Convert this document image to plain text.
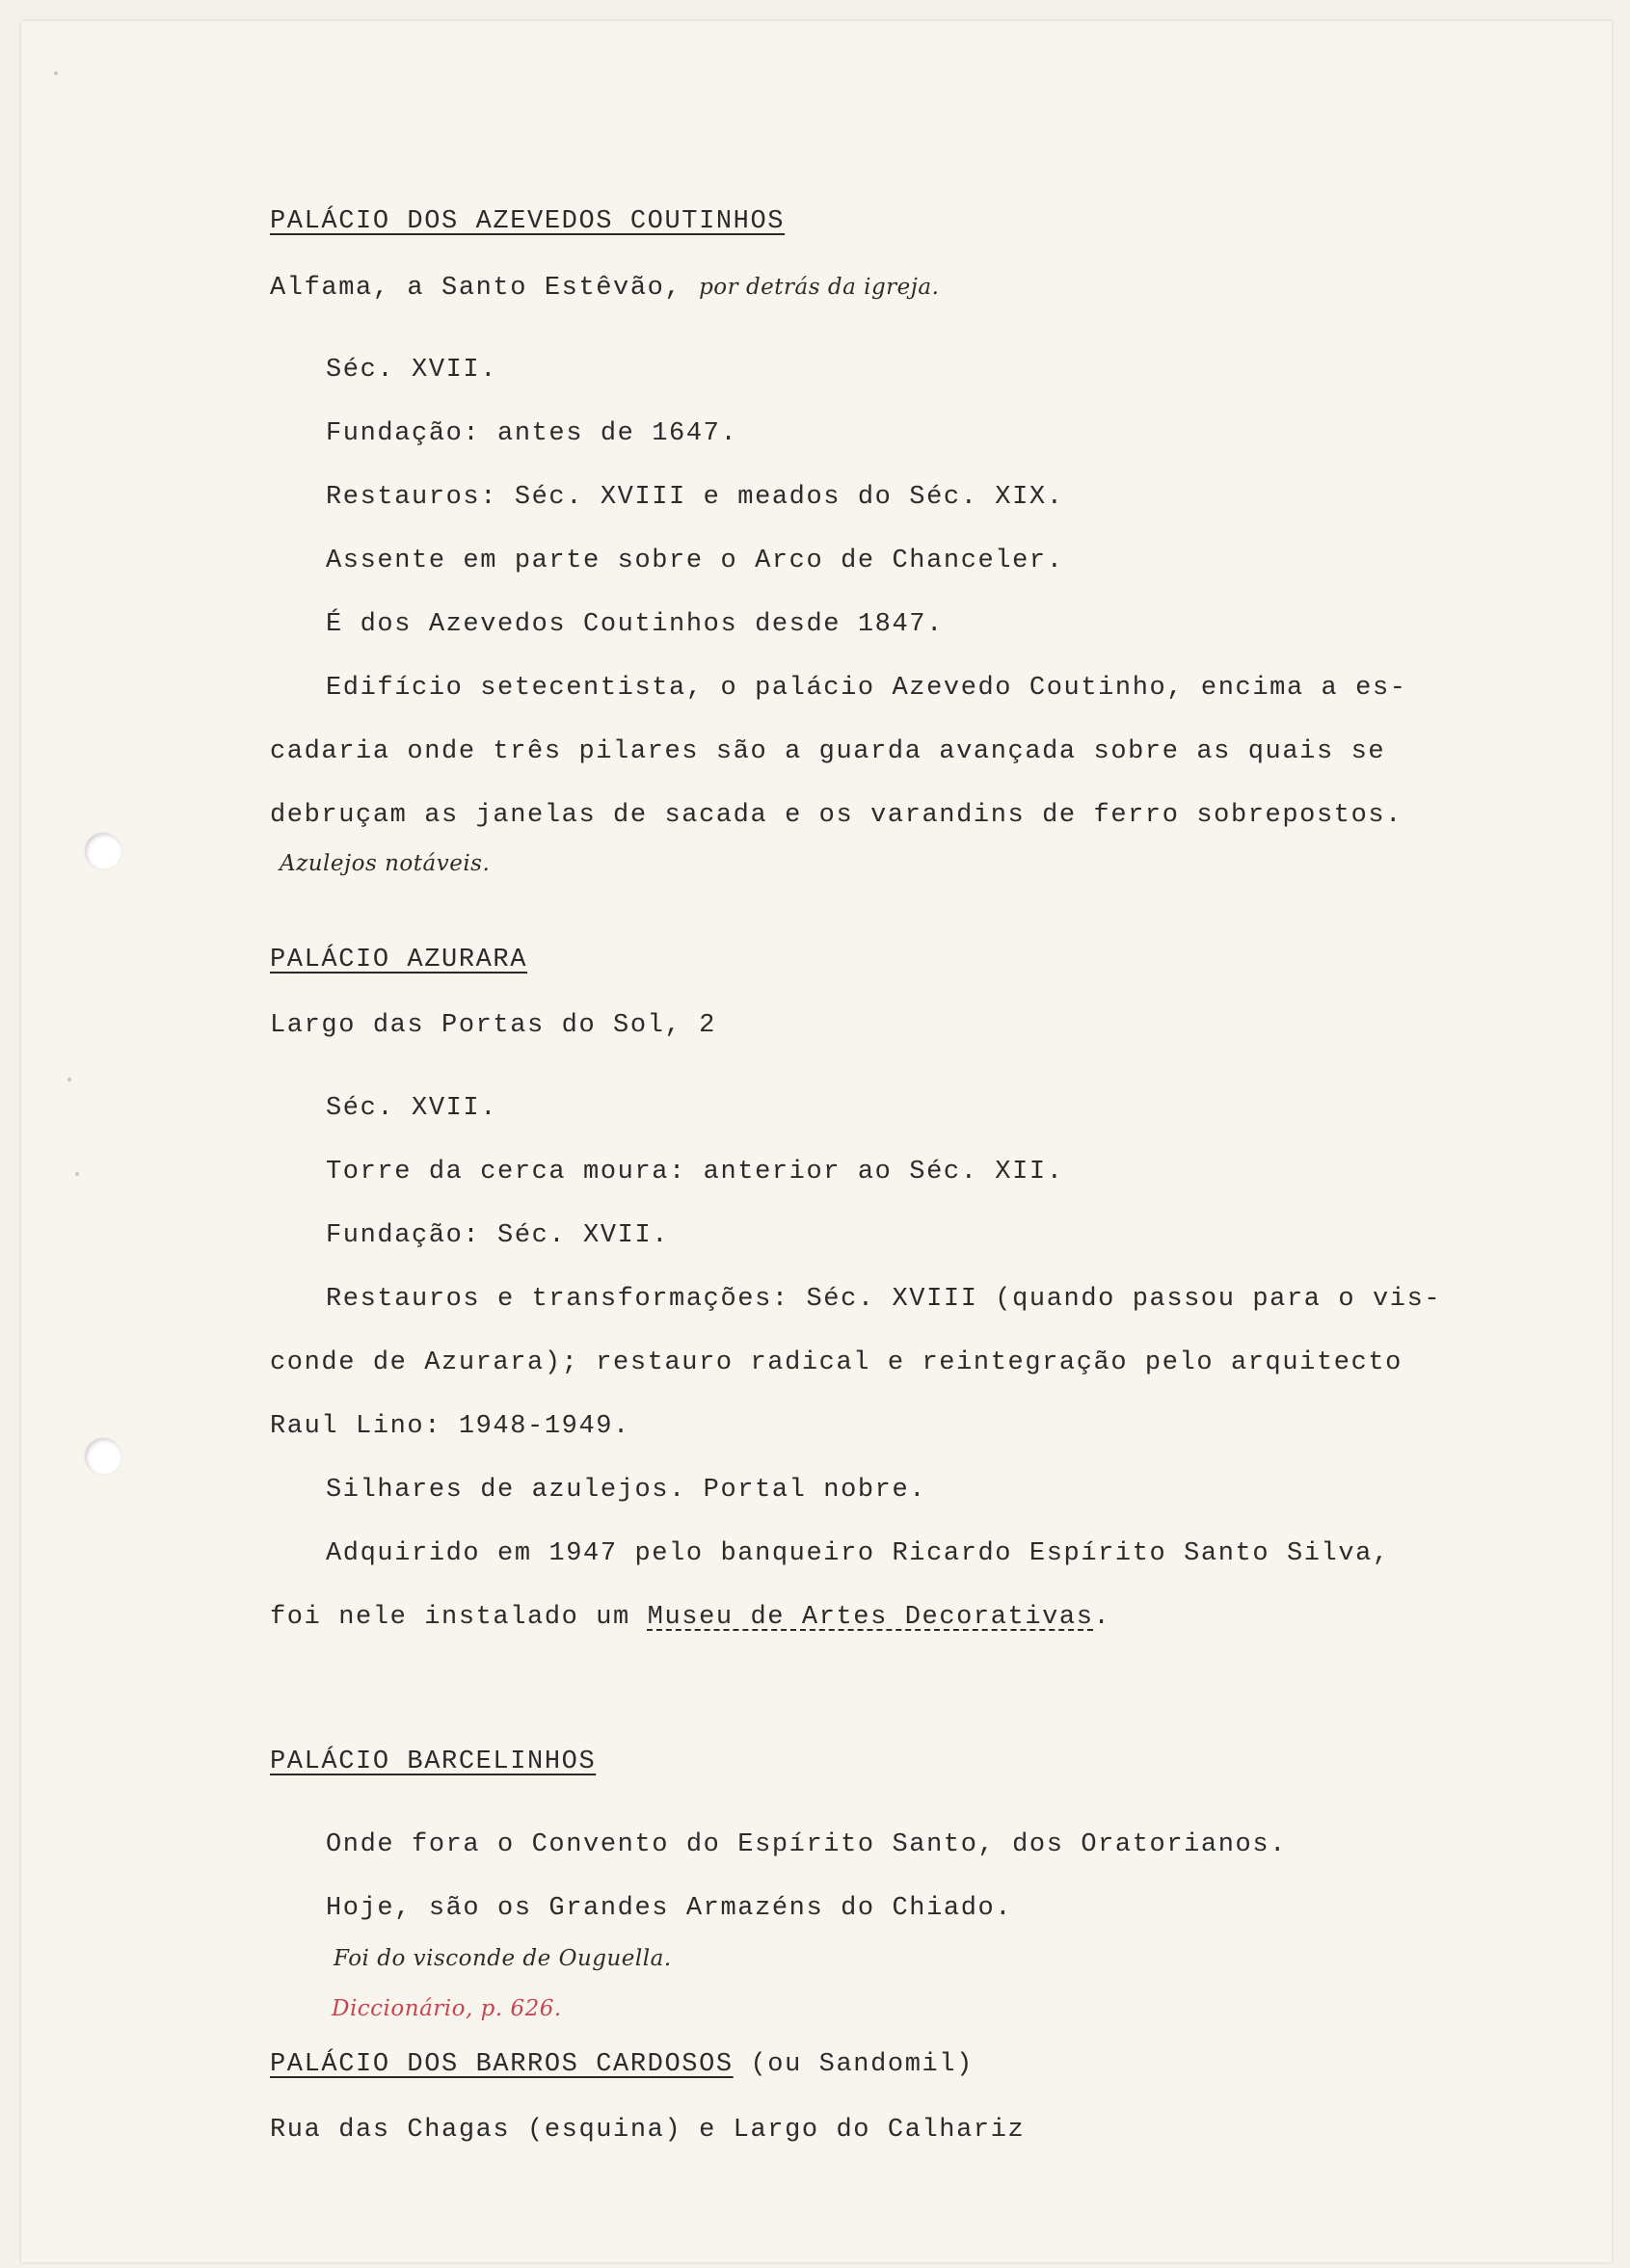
PALÁCIO DOS AZEVEDOS COUTINHOS
Alfama, a Santo Estêvão, por detrás da igreja.
Séc. XVII.
Fundação: antes de 1647.
Restauros: Séc. XVIII e meados do Séc. XIX.
Assente em parte sobre o Arco de Chanceler.
É dos Azevedos Coutinhos desde 1847.
Edifício setecentista, o palácio Azevedo Coutinho, encima a es-
cadaria onde três pilares são a guarda avançada sobre as quais se
debruçam as janelas de sacada e os varandins de ferro sobrepostos.
Azulejos notáveis.
PALÁCIO AZURARA
Largo das Portas do Sol, 2
Séc. XVII.
Torre da cerca moura: anterior ao Séc. XII.
Fundação: Séc. XVII.
Restauros e transformações: Séc. XVIII (quando passou para o vis-
conde de Azurara); restauro radical e reintegração pelo arquitecto
Raul Lino: 1948-1949.
Silhares de azulejos. Portal nobre.
Adquirido em 1947 pelo banqueiro Ricardo Espírito Santo Silva,
foi nele instalado um Museu de Artes Decorativas.
PALÁCIO BARCELINHOS
Onde fora o Convento do Espírito Santo, dos Oratorianos.
Hoje, são os Grandes Armazéns do Chiado.
Foi do visconde de Ouguella.
Diccionário, p. 626.
PALÁCIO DOS BARROS CARDOSOS (ou Sandomil)
Rua das Chagas (esquina) e Largo do Calhariz
